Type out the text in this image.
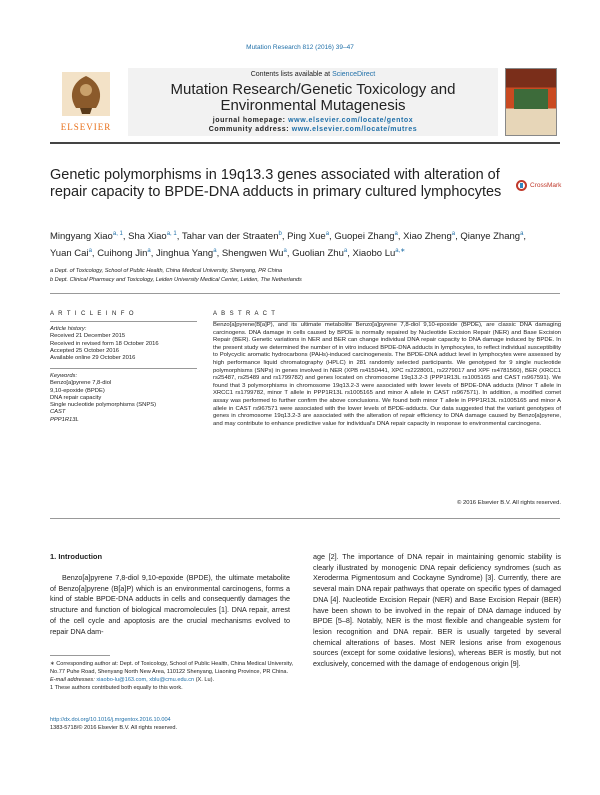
Mutation Research 812 (2016) 39–47
ELSEVIER
Contents lists available at ScienceDirect
Mutation Research/Genetic Toxicology and
Environmental Mutagenesis
journal homepage: www.elsevier.com/locate/gentox
Community address: www.elsevier.com/locate/mutres
Genetic polymorphisms in 19q13.3 genes associated with alteration of repair capacity to BPDE-DNA adducts in primary cultured lymphocytes	CrossMark
Mingyang Xiao$^{a, 1}$, Sha Xiao$^{a, 1}$, Tahar van der Straaten$^b$, Ping Xue$^a$, Guopei Zhang$^a$, Xiao Zheng$^a$, Qianye Zhang$^a$, Yuan Cai$^a$, Cuihong Jin$^a$, Jinghua Yang$^a$, Shengwen Wu$^a$, Guolian Zhu$^a$, Xiaobo $Lu^{a,∗}$
a Dept. of Toxicology, School of Public Health, China Medical University, Shenyang, PR China
b Dept. Clinical Pharmacy and Toxicology, Leiden University Medical Center, Leiden, The Netherlands
A R T I C L E I N F O
Article history:
Received 21 December 2015
Received in revised form 18 October 2016
Accepted 25 October 2016
Available online 29 October 2016
Keywords:
Benzo[a]pyrene 7,8-diol
9,10-epoxide (BPDE)
DNA repair capacity
Single nucleotide polymorphisms (SNPS)
CAST
PPP1R13L
A B S T R A C T
Benzo[a]pyrene(B[a]P), and its ultimate metabolite Benzo[a]pyrene 7,8-diol 9,10-epoxide (BPDE), are classic DNA damaging carcinogens. DNA damage in cells caused by BPDE is normally repaired by Nucleotide Excision Repair (NER) and Base Excision Repair (BER). Genetic variations in NER and BER can change individual DNA repair capacity to DNA damage induced by BPDE. In the present study we determined the number of in vitro induced BPDE-DNA adducts in lymphocytes, to reflect individual susceptibility to Polycyclic aromatic hydrocarbons (PAHs)-induced carcinogenesis. The BPDE-DNA adduct level in lymphocytes were assessed by high performance liquid chromatography (HPLC) in 281 randomly selected participants. We genotyped for 9 single nucleotide polymorphisms (SNPs) in genes involved in NER (XPB rs4150441, XPC rs2228001, rs2279017 and XPF rs4781560), BER (XRCC1 rs25487, rs25489 and rs1799782) and genes located on chromosome 19q13.2-3 (PPP1R13L rs1005165 and CAST rs967591). We found that 3 polymorphisms in chromosome 19q13.2-3 were associated with lower levels of BPDE-DNA adducts (Minor T allele in XRCC1 rs1799782, minor T allele in PPP1R13L rs1005165 and minor A allele in CAST rs967571). In addition, a modified comet assay was performed to further confirm the above conclusions. We found both minor T allele in PPP1R13L rs1005165 and minor A allele in CAST rs967571 were associated with the lower levels of BPDE-adducts. Our data suggested that the variant genotypes of genes in chromosome 19q13.2-3 are associated with the alteration of repair efficiency to DNA damage caused by Benzo[a]pyrene, and may contribute to enhance predictive value for individual's DNA repair capacity in response to environmental carcinogens.
© 2016 Elsevier B.V. All rights reserved.
1. Introduction
Benzo[a]pyrene 7,8-diol 9,10-epoxide (BPDE), the ultimate metabolite of Benzo[a]pyrene (B[a]P) which is an environmental carcinogens, forms a kind of stable BPDE-DNA adducts in cells and consequently damages the structure and function of biological macromolecules [1]. DNA repair, arrest of the cell cycle and apoptosis are the crucial mechanisms evolved to repair DNA dam-
age [2]. The importance of DNA repair in maintaining genomic stability is clearly illustrated by monogenic DNA repair deficiency syndromes (such as Xeroderma Pigmentosum and Cockayne Syndrome) [3]. Currently, there are several main DNA repair pathways that operate on specific types of damaged DNA [4]. Nucleotide Excision Repair (NER) and Base Excision Repair (BER) have been shown to be involved in the repair of DNA damage induced by BPDE [5–8]. Notably, NER is the most flexible and changeable system for lesion recognition and DNA repair. BER is usually targeted by several chemical alterations of bases. Most NER lesions arise from exogenous sources (except for some oxidative lesions), whereas BER is mostly, but not exclusively, concerned with the damage of endogenous origin [9].
∗ Corresponding author at: Dept. of Toxicology, School of Public Health, China Medical University, No.77 Puhe Road, Shenyang North New Area, 110122 Shenyang, Liaoning Province, PR China.
E-mail addresses: xiaobo-lu@163.com, xblu@cmu.edu.cn (X. Lu).
1 These authors contributed both equally to this work.
http://dx.doi.org/10.1016/j.mrgentox.2016.10.004
1383-5718/© 2016 Elsevier B.V. All rights reserved.
